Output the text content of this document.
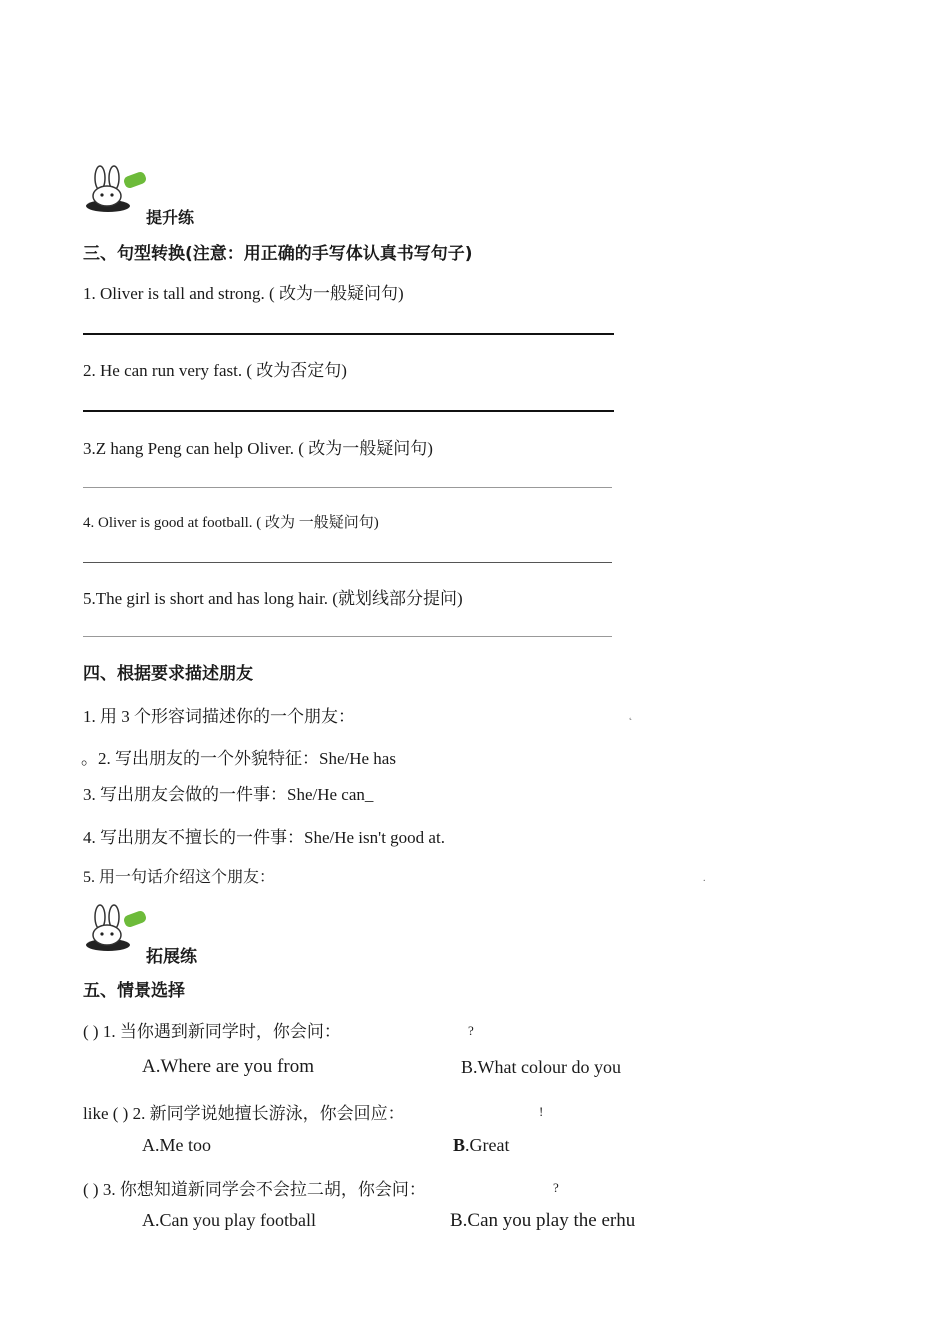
提升练
三、句型转换(注意：用正确的手写体认真书写句子)
1. Oliver is tall and strong. ( 改为一般疑问句)
2. He can run very fast. ( 改为否定句)
3.Z hang Peng can help Oliver. ( 改为一般疑问句)
4. Oliver is good at football. ( 改为 一般疑问句)
5.The girl is short and has long hair. (就划线部分提问)
四、根据要求描述朋友
1. 用 3 个形容词描述你的一个朋友：
。2. 写出朋友的一个外貌特征：She/He has
3. 写出朋友会做的一件事：She/He can_
4. 写出朋友不擅长的一件事：She/He isn't good at.
5. 用一句话介绍这个朋友：
˛
.
拓展练
五、情景选择
( ) 1. 当你遇到新同学时，你会问：	?
A.Where are you from	B.What colour do you
like ( ) 2. 新同学说她擅长游泳，你会回应：	!
A.Me too	B.Great
( ) 3. 你想知道新同学会不会拉二胡，你会问：	?
A.Can you play football	B.Can you play the erhu
